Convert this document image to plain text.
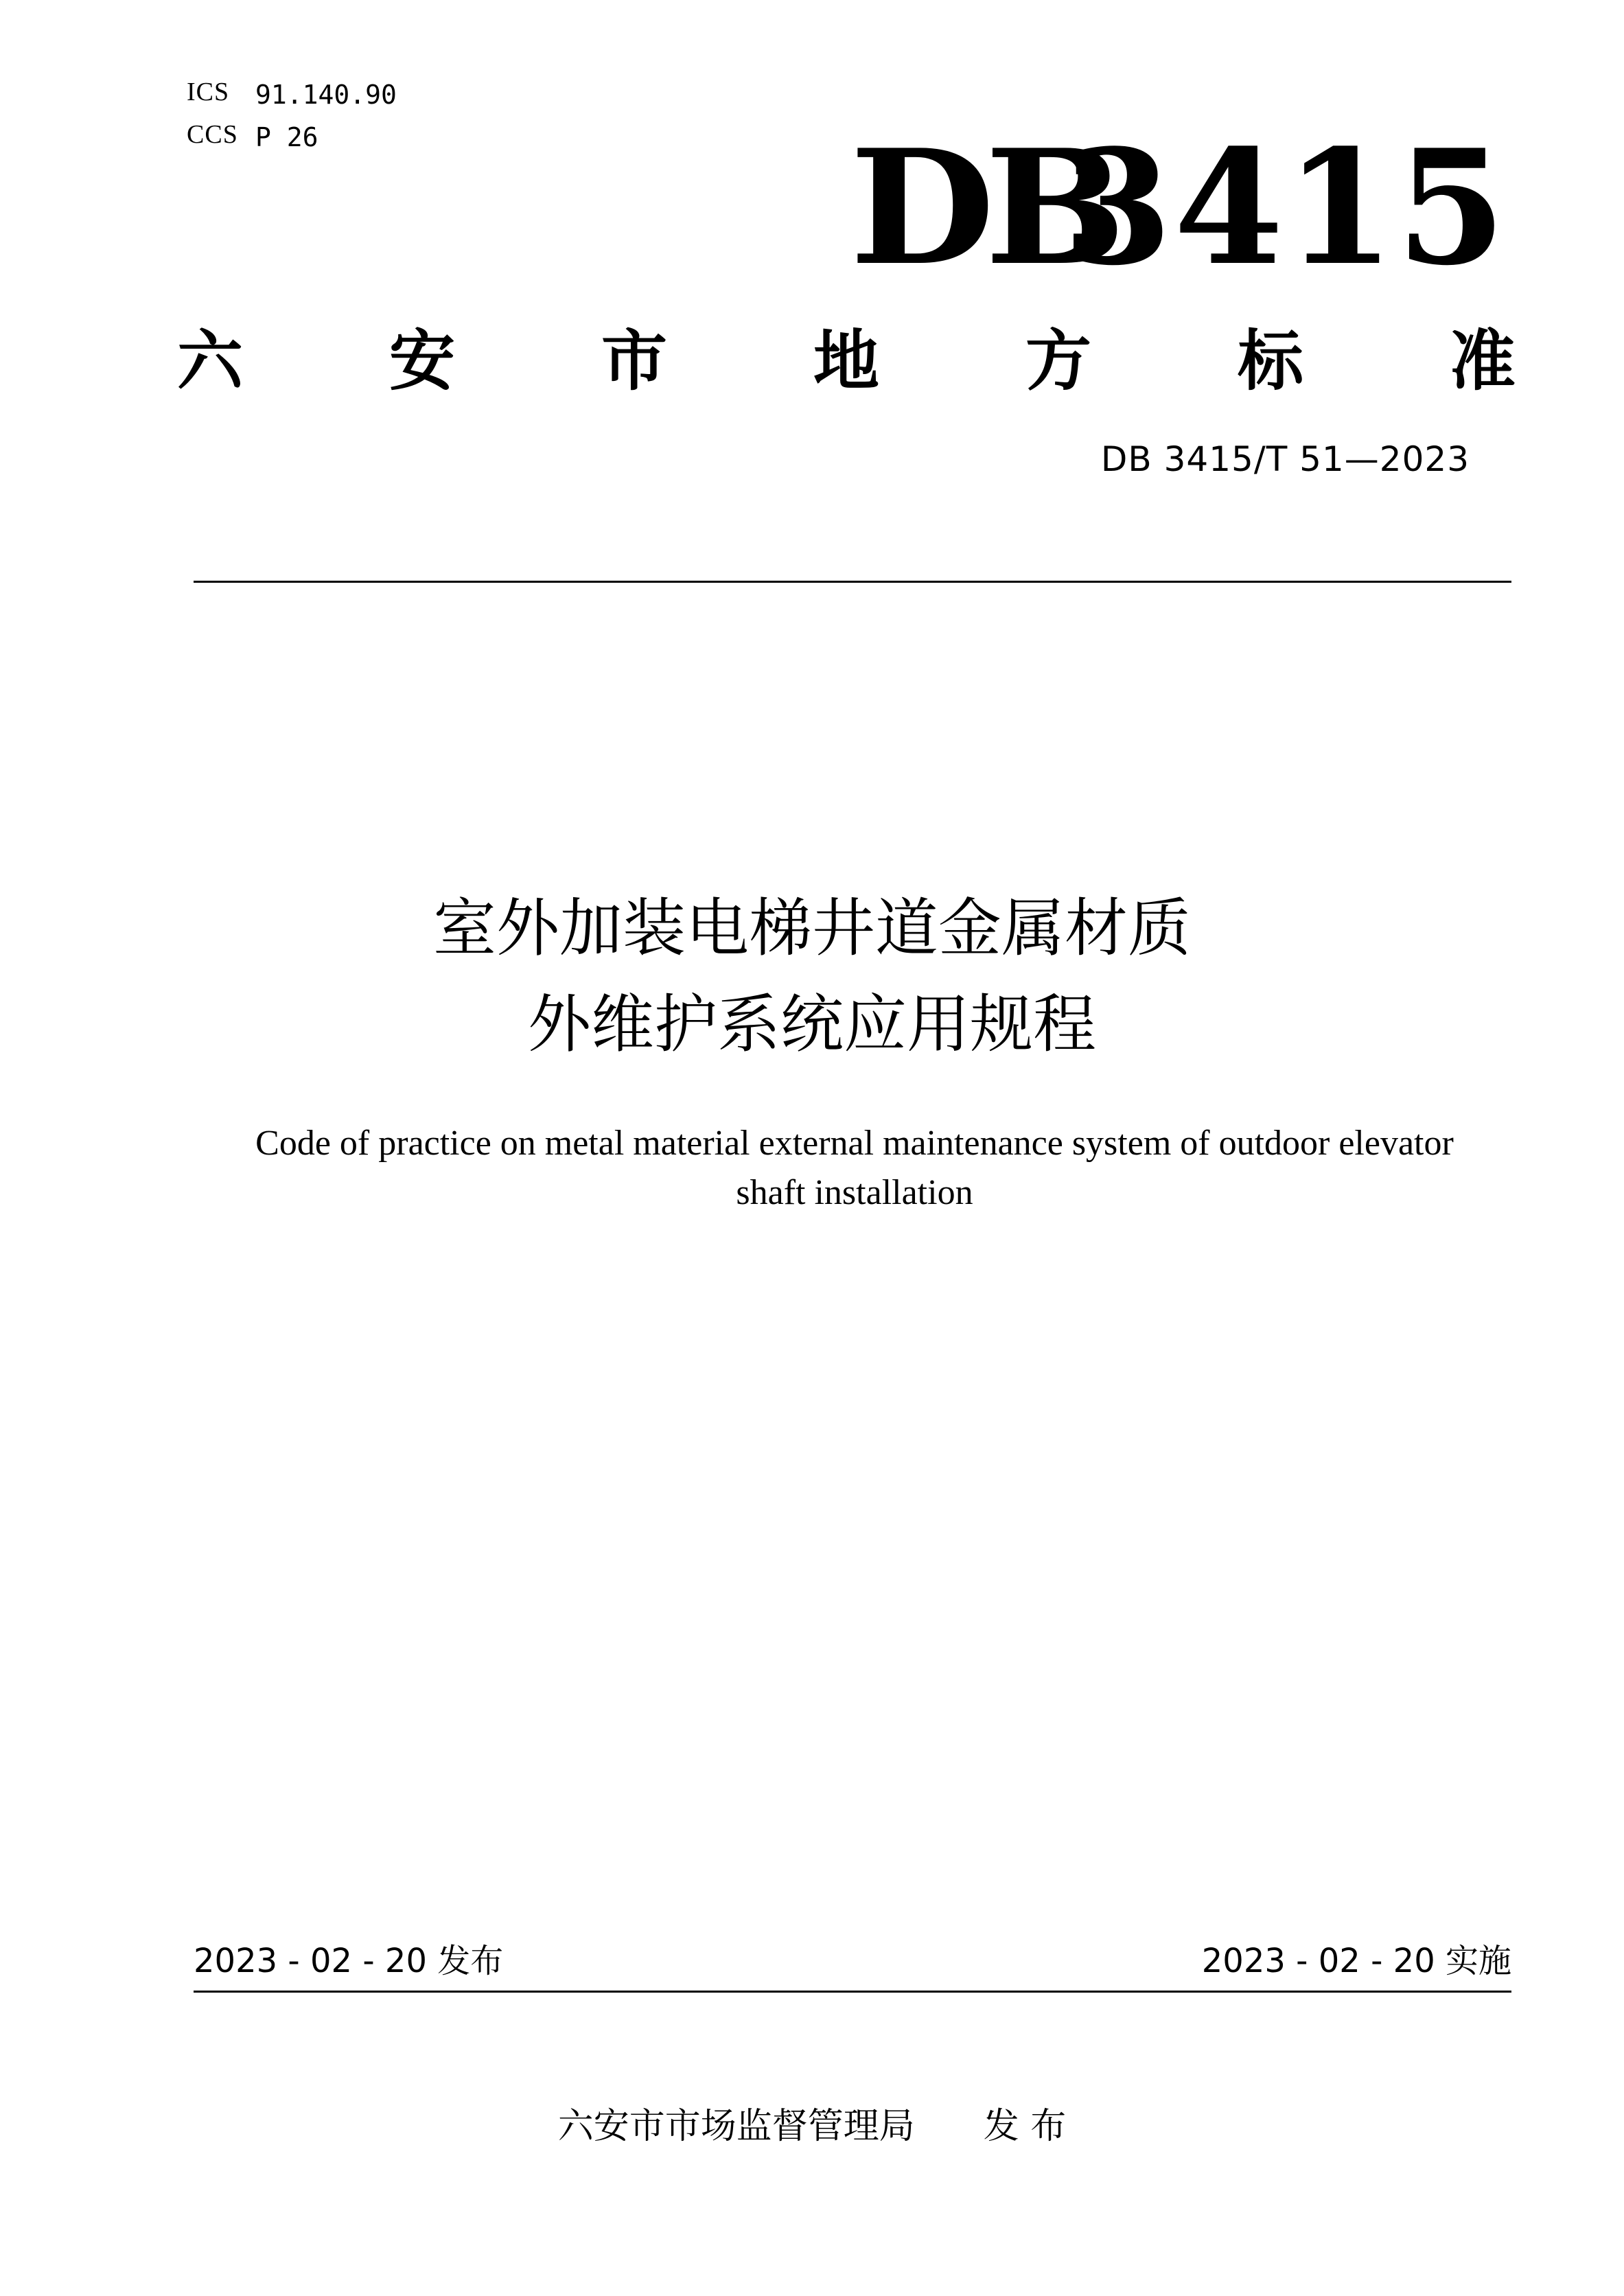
ICS 91.140.90
CCS P 26	DB
3415
六 安 市 地 方 标 准
DB 3415/T 51—2023
室外加装电梯井道金属材质
外维护系统应用规程
Code of practice on metal material external maintenance system of outdoor elevator
shaft installation
2023 - 02 - 20 发布	2023 - 02 - 20 实施
六安市市场监督管理局 发 布
